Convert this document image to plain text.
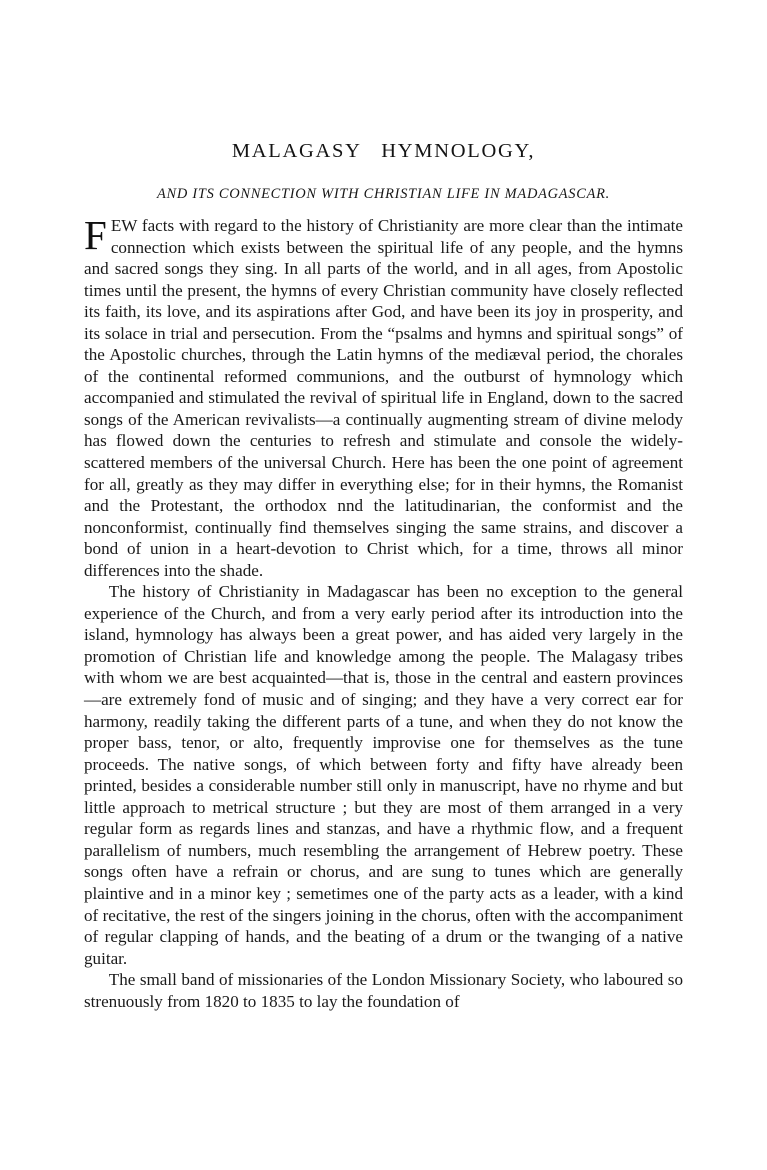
MALAGASY   HYMNOLOGY,
AND ITS CONNECTION WITH CHRISTIAN LIFE IN MADAGASCAR.

FEW facts with regard to the history of Christianity are more clear than the intimate connection which exists between the spiritual life of any people, and the hymns and sacred songs they sing. In all parts of the world, and in all ages, from Apostolic times until the present, the hymns of every Christian community have closely reflected its faith, its love, and its aspirations after God, and have been its joy in prosperity, and its solace in trial and persecution. From the “psalms and hymns and spiritual songs” of the Apostolic churches, through the Latin hymns of the mediæval period, the chorales of the continental reformed communions, and the outburst of hymnology which accompanied and stimulated the revival of spiritual life in England, down to the sacred songs of the American revivalists—a continually augmenting stream of divine melody has flowed down the centuries to refresh and stimulate and console the widely-scattered members of the universal Church. Here has been the one point of agreement for all, greatly as they may differ in everything else; for in their hymns, the Romanist and the Protestant, the orthodox nnd the latitudinarian, the conformist and the nonconformist, continually find themselves singing the same strains, and discover a bond of union in a heart-devotion to Christ which, for a time, throws all minor differences into the shade.

The history of Christianity in Madagascar has been no exception to the general experience of the Church, and from a very early period after its introduction into the island, hymnology has always been a great power, and has aided very largely in the promotion of Christian life and knowledge among the people. The Malagasy tribes with whom we are best acquainted—that is, those in the central and eastern provinces—are extremely fond of music and of singing; and they have a very correct ear for harmony, readily taking the different parts of a tune, and when they do not know the proper bass, tenor, or alto, frequently improvise one for themselves as the tune proceeds. The native songs, of which between forty and fifty have already been printed, besides a considerable number still only in manuscript, have no rhyme and but little approach to metrical structure ; but they are most of them arranged in a very regular form as regards lines and stanzas, and have a rhythmic flow, and a frequent parallelism of numbers, much resembling the arrangement of Hebrew poetry. These songs often have a refrain or chorus, and are sung to tunes which are generally plaintive and in a minor key ; semetimes one of the party acts as a leader, with a kind of recitative, the rest of the singers joining in the chorus, often with the accompaniment of regular clapping of hands, and the beating of a drum or the twanging of a native guitar.

The small band of missionaries of the London Missionary Society, who laboured so strenuously from 1820 to 1835 to lay the foundation of
